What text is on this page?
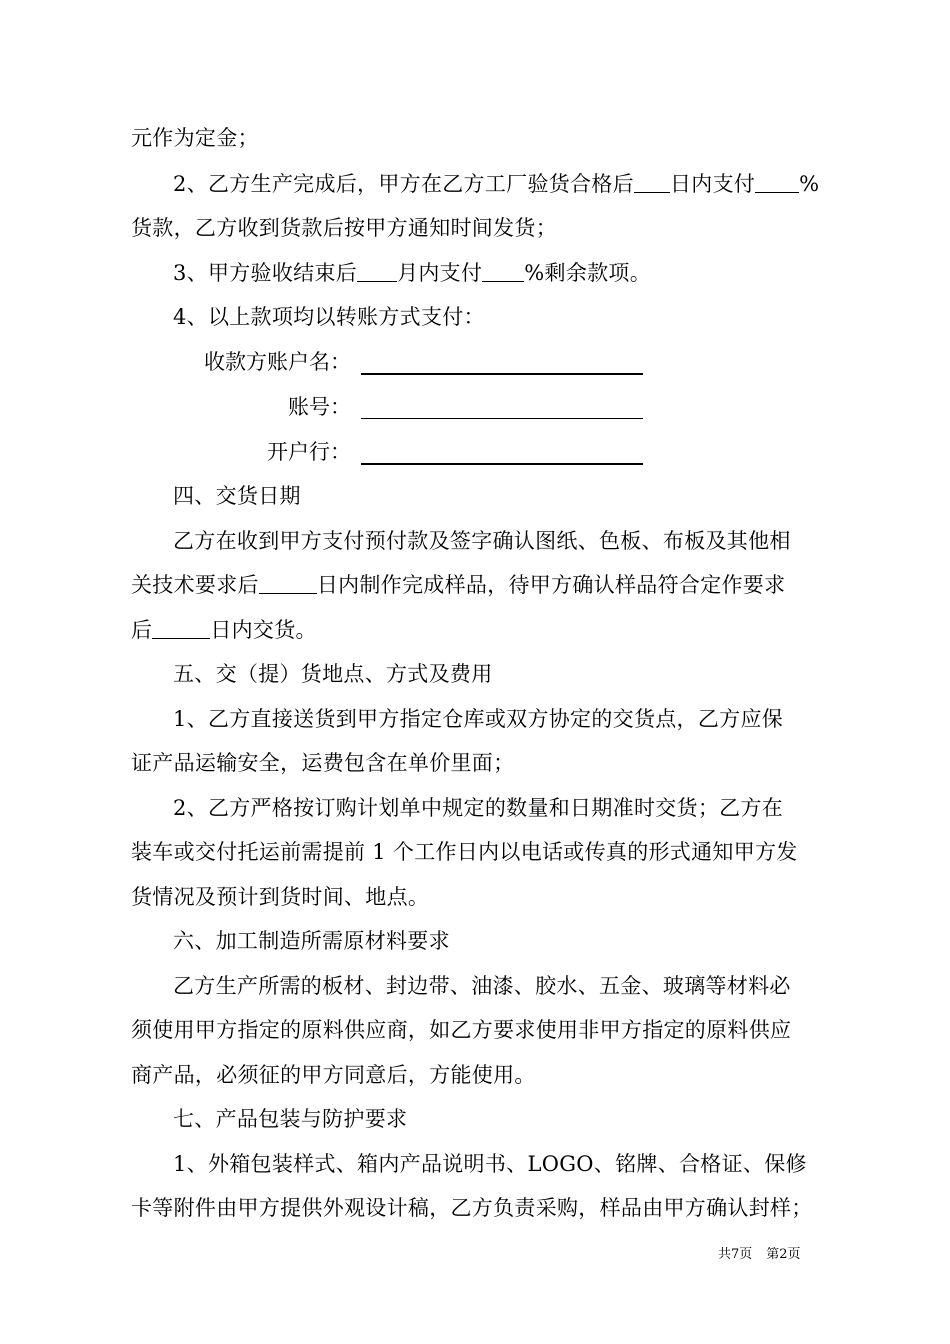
元作为定金；
2、乙方生产完成后，甲方在乙方工厂验货合格后 日内支付 %
货款，乙方收到货款后按甲方通知时间发货；
3、甲方验收结束后 月内支付 %剩余款项。
4、以上款项均以转账方式支付：
收款方账户名：
账号：
开户行：
四、交货日期
乙方在收到甲方支付预付款及签字确认图纸、色板、布板及其他相
关技术要求后	日内制作完成样品，待甲方确认样品符合定作要求
后	日内交货。
五、交（提）货地点、方式及费用
1、乙方直接送货到甲方指定仓库或双方协定的交货点，乙方应保
证产品运输安全，运费包含在单价里面；
2、乙方严格按订购计划单中规定的数量和日期准时交货；乙方在
装车或交付托运前需提前 1 个工作日内以电话或传真的形式通知甲方发
货情况及预计到货时间、地点。
六、加工制造所需原材料要求
乙方生产所需的板材、封边带、油漆、胶水、五金、玻璃等材料必
须使用甲方指定的原料供应商，如乙方要求使用非甲方指定的原料供应
商产品，必须征的甲方同意后，方能使用。
七、产品包装与防护要求
1、外箱包装样式、箱内产品说明书、LOGO、铭牌、合格证、保修
卡等附件由甲方提供外观设计稿，乙方负责采购，样品由甲方确认封样；
共7页 第2页
